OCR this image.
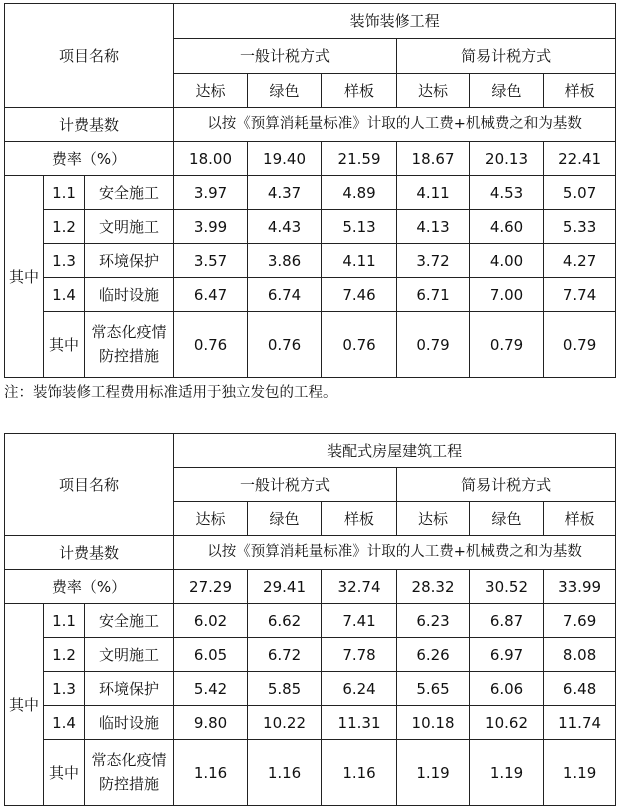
项目名称			装饰装修工程					
			一般计税方式			简易计税方式		
			达标	绿色	样板	达标	绿色	样板
计费基数			以按《预算消耗量标准》计取的人工费+机械费之和为基数					
费率（%）			18.00	19.40	21.59	18.67	20.13	22.41
其中	1.1	安全施工	3.97	4.37	4.89	4.11	4.53	5.07
	1.2	文明施工	3.99	4.43	5.13	4.13	4.60	5.33
	1.3	环境保护	3.57	3.86	4.11	3.72	4.00	4.27
	1.4	临时设施	6.47	6.74	7.46	6.71	7.00	7.74
	其中	常态化疫情防控措施	0.76	0.76	0.76	0.79	0.79	0.79

注：装饰装修工程费用标准适用于独立发包的工程。
项目名称			装配式房屋建筑工程					
			一般计税方式			简易计税方式		
			达标	绿色	样板	达标	绿色	样板
计费基数			以按《预算消耗量标准》计取的人工费+机械费之和为基数					
费率（%）			27.29	29.41	32.74	28.32	30.52	33.99
其中	1.1	安全施工	6.02	6.62	7.41	6.23	6.87	7.69
	1.2	文明施工	6.05	6.72	7.78	6.26	6.97	8.08
	1.3	环境保护	5.42	5.85	6.24	5.65	6.06	6.48
	1.4	临时设施	9.80	10.22	11.31	10.18	10.62	11.74
	其中	常态化疫情防控措施	1.16	1.16	1.16	1.19	1.19	1.19
